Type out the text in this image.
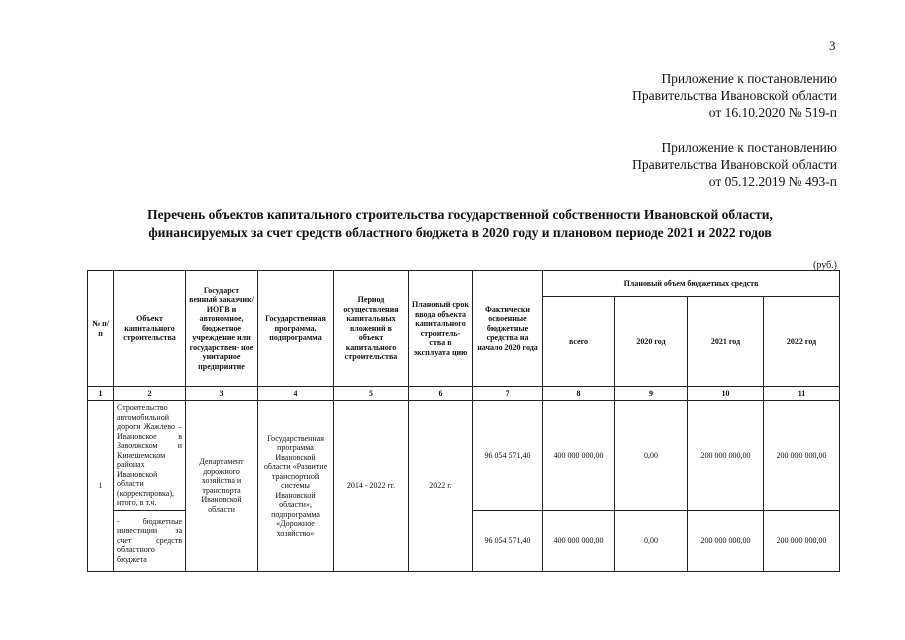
3
Приложение к постановлению
Правительства Ивановской области
от 16.10.2020 № 519-п
Приложение к постановлению
Правительства Ивановской области
от 05.12.2019 № 493-п
Перечень объектов капитального строительства государственной собственности Ивановской области,
финансируемых за счет средств областного бюджета в 2020 году и плановом периоде 2021 и 2022 годов
(руб.)
№ п/п	Объект капитального строительства	Государст венный заказчик/ ИОГВ и автономное, бюджетное учреждение или государствен- ное унитарное предприятие	Государственная программа, подпрограмма	Период осуществления капитальных вложений в объект капитального строительства	Плановый срок ввода объекта капитального строитель- ства в эксплуата цию	Фактически освоенные бюджетные средства на начало 2020 года	Плановый объем бюджетных средств			
							всего	2020 год	2021 год	2022 год
1	2	3	4	5	6	7	8	9	10	11
1	Строительство автомобильной дороги Жажлево – Ивановское в Заволжском и Кинешемском районах Ивановской области (корректировка), итого, в т.ч.	Департамент дорожного хозяйства и транспорта Ивановской области	Государственная программа Ивановской области «Развитие транспортной системы Ивановской области», подпрограмма «Дорожное хозяйство»	2014 - 2022 гг.	2022 г.	96 054 571,40	400 000 000,00	0,00	200 000 000,00	200 000 000,00
	- бюджетные инвестиции за счет средств областного бюджета					96 054 571,40	400 000 000,00	0,00	200 000 000,00	200 000 000,00
